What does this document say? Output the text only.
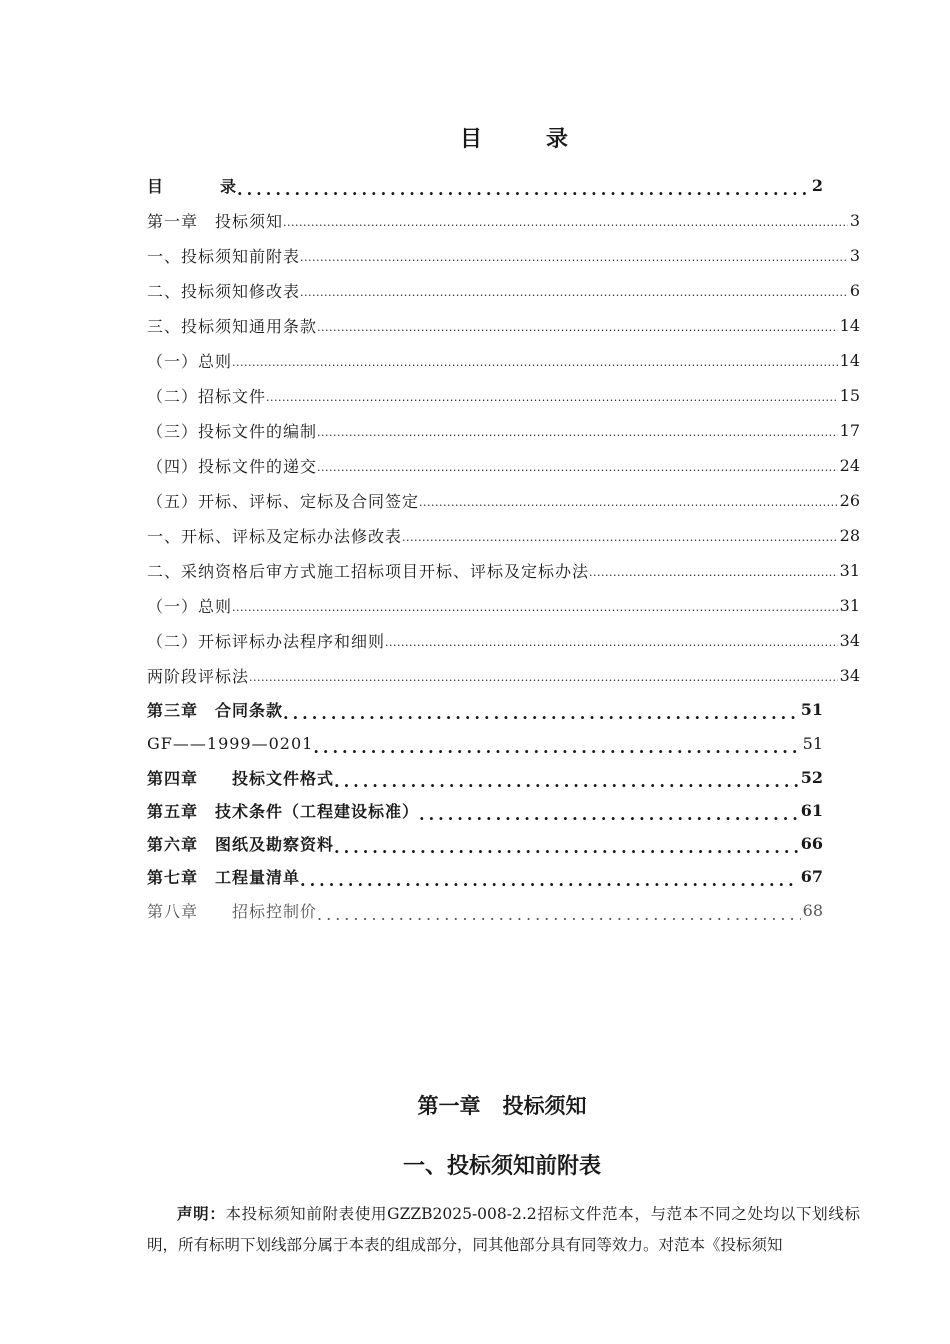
目	录
目	录 .....	2
第一章　投标须知 .....	3
一、投标须知前附表 .....	3
二、投标须知修改表 .....	6
三、投标须知通用条款 .....	14
（一）总则 .....	14
（二）招标文件 .....	15
（三）投标文件的编制 .....	17
（四）投标文件的递交 .....	24
（五）开标、评标、定标及合同签定 .....	26
一、开标、评标及定标办法修改表 .....	28
二、采纳资格后审方式施工招标项目开标、评标及定标办法 .....	31
（一）总则 .....	31
（二）开标评标办法程序和细则 .....	34
两阶段评标法 .....	34
第三章　合同条款 .....	51
GF——1999—0201 .....	51
第四章　　投标文件格式 .....	52
第五章　技术条件（工程建设标准） .....	61
第六章　图纸及勘察资料 .....	66
第七章　工程量清单 .....	67
第八章　　招标控制价 .....	68
第一章 投标须知
一、投标须知前附表
声明：本投标须知前附表使用GZZB2025-008-2.2招标文件范本，与范本不同之处均以下划线标明，所有标明下划线部分属于本表的组成部分，同其他部分具有同等效力。对范本《投标须知
